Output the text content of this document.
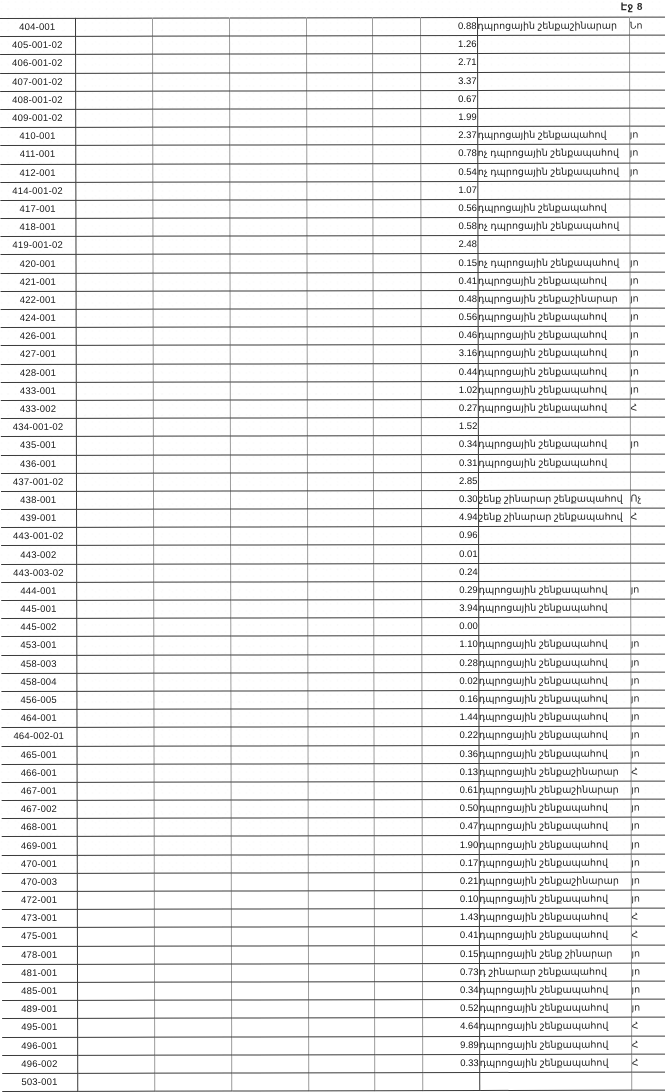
Էջ 8
404-001						0.88	դպրոցային շենքաշինարար	Նո
405-001-02						1.26		
406-001-02						2.71		
407-001-02						3.37		
408-001-02						0.67		
409-001-02						1.99		
410-001						2.37	դպրոցային շենքապահով	յո
411-001						0.78	ոչ դպրոցային շենքապահով	յո
412-001						0.54	ոչ դպրոցային շենքապահով	յո
414-001-02						1.07		
417-001						0.56	դպրոցային շենքապահով	
418-001						0.58	ոչ դպրոցային շենքապահով	
419-001-02						2.48		
420-001						0.15	ոչ դպրոցային շենքապահով	յո
421-001						0.41	դպրոցային շենքապահով	յո
422-001						0.48	դպրոցային շենքաշինարար	յո
424-001						0.56	դպրոցային շենքապահով	յո
426-001						0.46	դպրոցային շենքապահով	յո
427-001						3.16	դպրոցային շենքապահով	յո
428-001						0.44	դպրոցային շենքապահով	յո
433-001						1.02	դպրոցային շենքապահով	յո
433-002						0.27	դպրոցային շենքապահով	Հ
434-001-02						1.52		
435-001						0.34	դպրոցային շենքապահով	յո
436-001						0.31	դպրոցային շենքապահով	
437-001-02						2.85		
438-001						0.30	շենք շինարար շենքապահով	Ոչ
439-001						4.94	շենք շինարար շենքապահով	Հ
443-001-02						0.96		
443-002						0.01		
443-003-02						0.24		
444-001						0.29	դպրոցային շենքապահով	յո
445-001						3.94	դպրոցային շենքապահով	
445-002						0.00		
453-001						1.10	դպրոցային շենքապահով	յո
458-003						0.28	դպրոցային շենքապահով	յո
458-004						0.02	դպրոցային շենքապահով	յո
456-005						0.16	դպրոցային շենքապահով	յո
464-001						1.44	դպրոցային շենքապահով	յո
464-002-01						0.22	դպրոցային շենքապահով	յո
465-001						0.36	դպրոցային շենքապահով	յո
466-001						0.13	դպրոցային շենքաշինարար	Հ
467-001						0.61	դպրոցային շենքաշինարար	յո
467-002						0.50	դպրոցային շենքապահով	յո
468-001						0.47	դպրոցային շենքապահով	յո
469-001						1.90	դպրոցային շենքապահով	յո
470-001						0.17	դպրոցային շենքապահով	յո
470-003						0.21	դպրոցային շենքաշինարար	յո
472-001						0.10	դպրոցային շենքապահով	յո
473-001						1.43	դպրոցային շենքապահով	Հ
475-001						0.41	դպրոցային շենքապահով	Հ
478-001						0.15	դպրոցային շենք շինարար	յո
481-001						0.73	դ շինարար շենքապահով	յո
485-001						0.34	դպրոցային շենքապահով	յո
489-001						0.52	դպրոցային շենքապահով	յո
495-001						4.64	դպրոցային շենքապահով	Հ
496-001						9.89	դպրոցային շենքապահով	Հ
496-002						0.33	դպրոցային շենքապահով	Հ
503-001								
